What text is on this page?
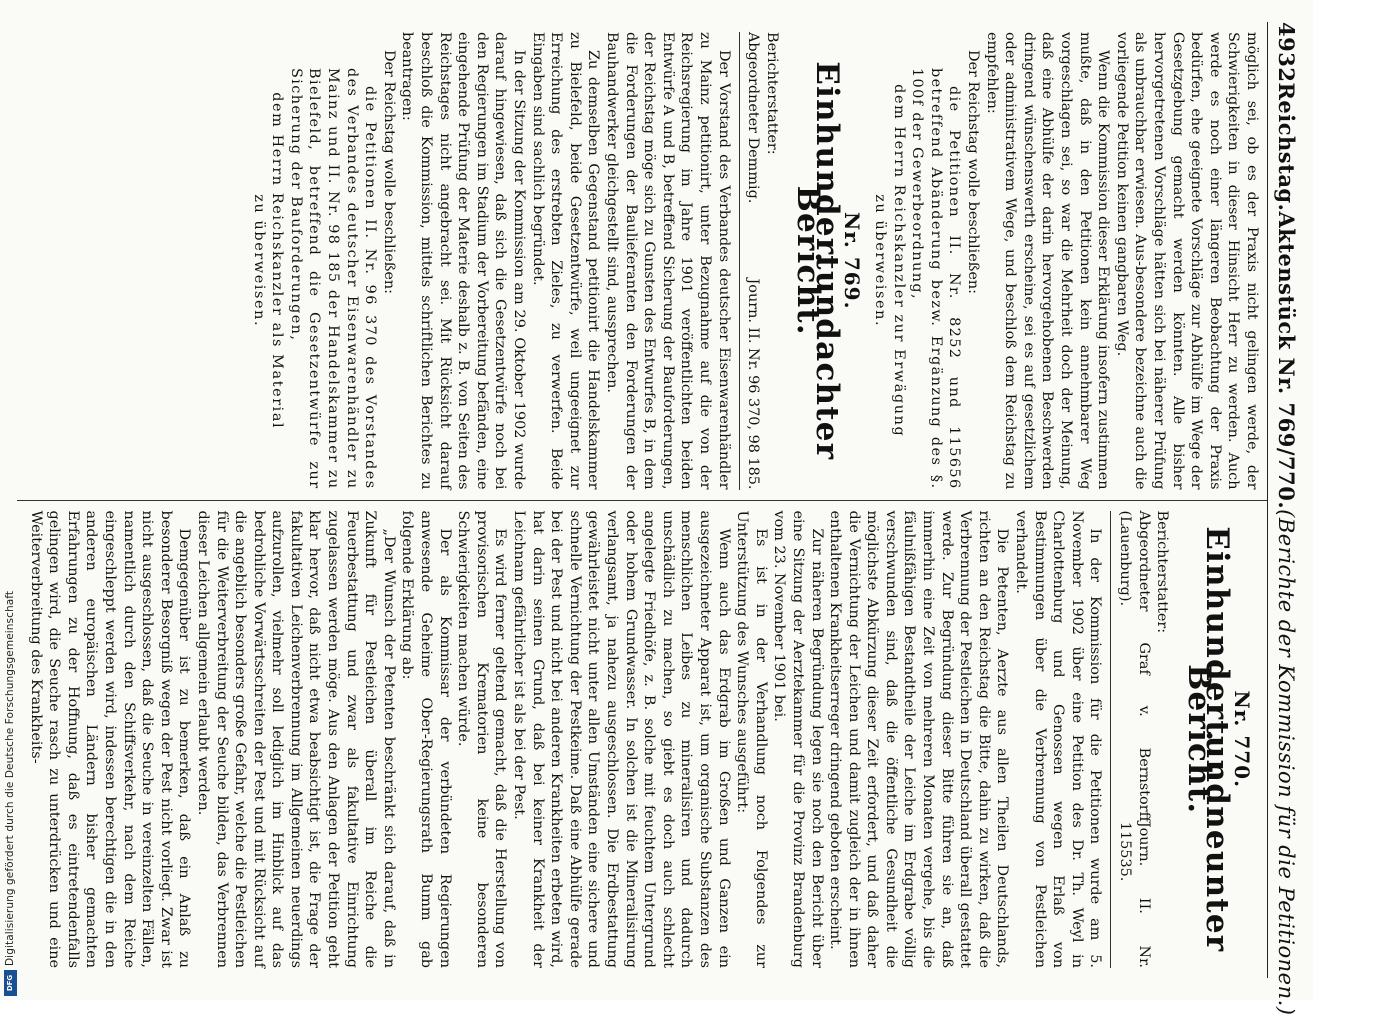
4932
Reichstag.
Aktenstück Nr. 769/770.
(Berichte der Kommission für die Petitionen.)

möglich sei, ob es der Praxis nicht gelingen werde, der Schwierigkeiten in dieser Hinsicht Herr zu werden. Auch werde es noch einer längeren Beobachtung der Praxis bedürfen, ehe geeignete Vorschläge zur Abhülfe im Wege der Gesetzgebung gemacht werden könnten. Alle bisher hervorgetretenen Vorschläge hätten sich bei näherer Prüfung als unbrauchbar erwiesen. Aus-besondere bezeichne auch die vorliegende Petition keinen gangbaren Weg.

Wenn die Kommission dieser Erklärung insofern zustimmen mußte, daß in den Petitionen kein annehmbarer Weg vorgeschlagen sei, so war die Mehrheit doch der Meinung, daß eine Abhülfe der darin hervorgehobenen Beschwerden dringend wünschenswerth erscheine, sei es auf gesetzlichem oder administrativem Wege, und beschloß dem Reichstag zu empfehlen:

Der Reichstag wolle beschließen:

die Petitionen II. Nr. 8252 und 115656 betreffend Abänderung bezw. Ergänzung des §. 100f der Gewerbeordnung,

dem Herrn Reichskanzler zur Erwägung

zu überweisen.

Nr. 769.
Einhundertundachter Bericht.
Berichterstatter:
Abgeordneter Demmig.
Journ. II. Nr. 96 370, 98 185.

Der Vorstand des Verbandes deutscher Eisenwarenhändler zu Mainz petitionirt, unter Bezugnahme auf die von der Reichsregierung im Jahre 1901 veröffentlichten beiden Entwürfe A und B, betreffend Sicherung der Bauforderungen, der Reichstag möge sich zu Gunsten des Entwurfes B, in dem die Forderungen der Baulieferanten den Forderungen der Bauhandwerker gleichgestellt sind, aussprechen.

Zu demselben Gegenstand petitionirt die Handelskammer zu Bielefeld, beide Gesetzentwürfe, weil ungeeignet zur Erreichung des erstrebten Zieles, zu verwerfen. Beide Eingaben sind sachlich begründet.

In der Sitzung der Kommission am 29. Oktober 1902 wurde darauf hingewiesen, daß sich die Gesetzentwürfe noch bei den Regierungen im Stadium der Vorbereitung befänden, eine eingehende Prüfung der Materie deshalb z. B. von Seiten des Reichstages nicht angebracht sei. Mit Rücksicht darauf beschloß die Kommission, mittels schriftlichen Berichtes zu beantragen:

Der Reichstag wolle beschließen:

die Petitionen II. Nr. 96 370 des Vorstandes des Verbandes deutscher Eisenwarenhändler zu Mainz und II. Nr. 98 185 der Handelskammer zu Bielefeld, betreffend die Gesetzentwürfe zur Sicherung der Bauforderungen,

dem Herrn Reichskanzler als Material

zu überweisen.

Nr. 770.
Einhundertundneunter Bericht.
Berichterstatter:
Abgeordneter Graf v. Bernstorff (Lauenburg).
Journ. II. Nr. 115535.

In der Kommission für die Petitionen wurde am 5. November 1902 über eine Petition des Dr. Th. Weyl in Charlottenburg und Genossen wegen Erlaß von Bestimmungen über die Verbrennung von Pestleichen verhandelt.

Die Petenten, Aerzte aus allen Theilen Deutschlands, richten an den Reichstag die Bitte, dahin zu wirken, daß die Verbrennung der Pestleichen in Deutschland überall gestattet werde. Zur Begründung dieser Bitte führen sie an, daß immerhin eine Zeit von mehreren Monaten vergehe, bis die fäulnißfähigen Bestandtheile der Leiche im Erdgrabe völlig verschwunden sind, daß die öffentliche Gesundheit die möglichste Abkürzung dieser Zeit erfordert, und daß daher die Vernichtung der Leichen und damit zugleich der in ihnen enthaltenen Krankheitserreger dringend geboten erscheint.

Zur näheren Begründung legen sie noch den Bericht über eine Sitzung der Aerztekammer für die Provinz Brandenburg vom 23. November 1901 bei.

Es ist in der Verhandlung noch Folgendes zur Unterstützung des Wunsches ausgeführt:

Wenn auch das Erdgrab im Großen und Ganzen ein ausgezeichneter Apparat ist, um organische Substanzen des menschlichen Leibes zu mineralisiren und dadurch unschädlich zu machen, so giebt es doch auch schlecht angelegte Friedhöfe, z. B. solche mit feuchtem Untergrund oder hohem Grundwasser. In solchen ist die Mineralisirung verlangsamt, ja nahezu ausgeschlossen. Die Erdbestattung gewährleistet nicht unter allen Umständen eine sichere und schnelle Vernichtung der Pestkeime. Daß eine Abhülfe gerade bei der Pest und nicht bei anderen Krankheiten erbeten wird, hat darin seinen Grund, daß bei keiner Krankheit der Leichnam gefährlicher ist als bei der Pest.

Es wird ferner geltend gemacht, daß die Herstellung von provisorischen Krematorien keine besonderen Schwierigkeiten machen würde.

Der als Kommissar der verbündeten Regierungen anwesende Geheime Ober-Regierungsrath Bumm gab folgende Erklärung ab:

„Der Wunsch der Petenten beschränkt sich darauf, daß in Zukunft für Pestleichen überall im Reiche die Feuerbestattung und zwar als fakultative Einrichtung zugelassen werden möge. Aus den Anlagen der Petition geht klar hervor, daß nicht etwa beabsichtigt ist, die Frage der fakultativen Leichenverbrennung im Allgemeinen neuerdings aufzurollen, vielmehr soll lediglich im Hinblick auf das bedrohliche Vorwärtsschreiten der Pest und mit Rücksicht auf die angeblich besonders große Gefahr, welche die Pestleichen für die Weiterverbreitung der Seuche bilden, das Verbrennen dieser Leichen allgemein erlaubt werden.

Demgegenüber ist zu bemerken, daß ein Anlaß zu besonderer Besorgniß wegen der Pest nicht vorliegt. Zwar ist nicht ausgeschlossen, daß die Seuche in vereinzelten Fällen, namentlich durch den Schiffsverkehr, nach dem Reiche eingeschleppt werden wird, indessen berechtigen die in den anderen europäischen Ländern bisher gemachten Erfahrungen zu der Hoffnung, daß es eintretendenfalls gelingen wird, die Seuche rasch zu unterdrücken und eine Weiterverbreitung des Krankheits-

Digitalisierung gefördert durch die Deutsche Forschungsgemeinschaft
DFG
